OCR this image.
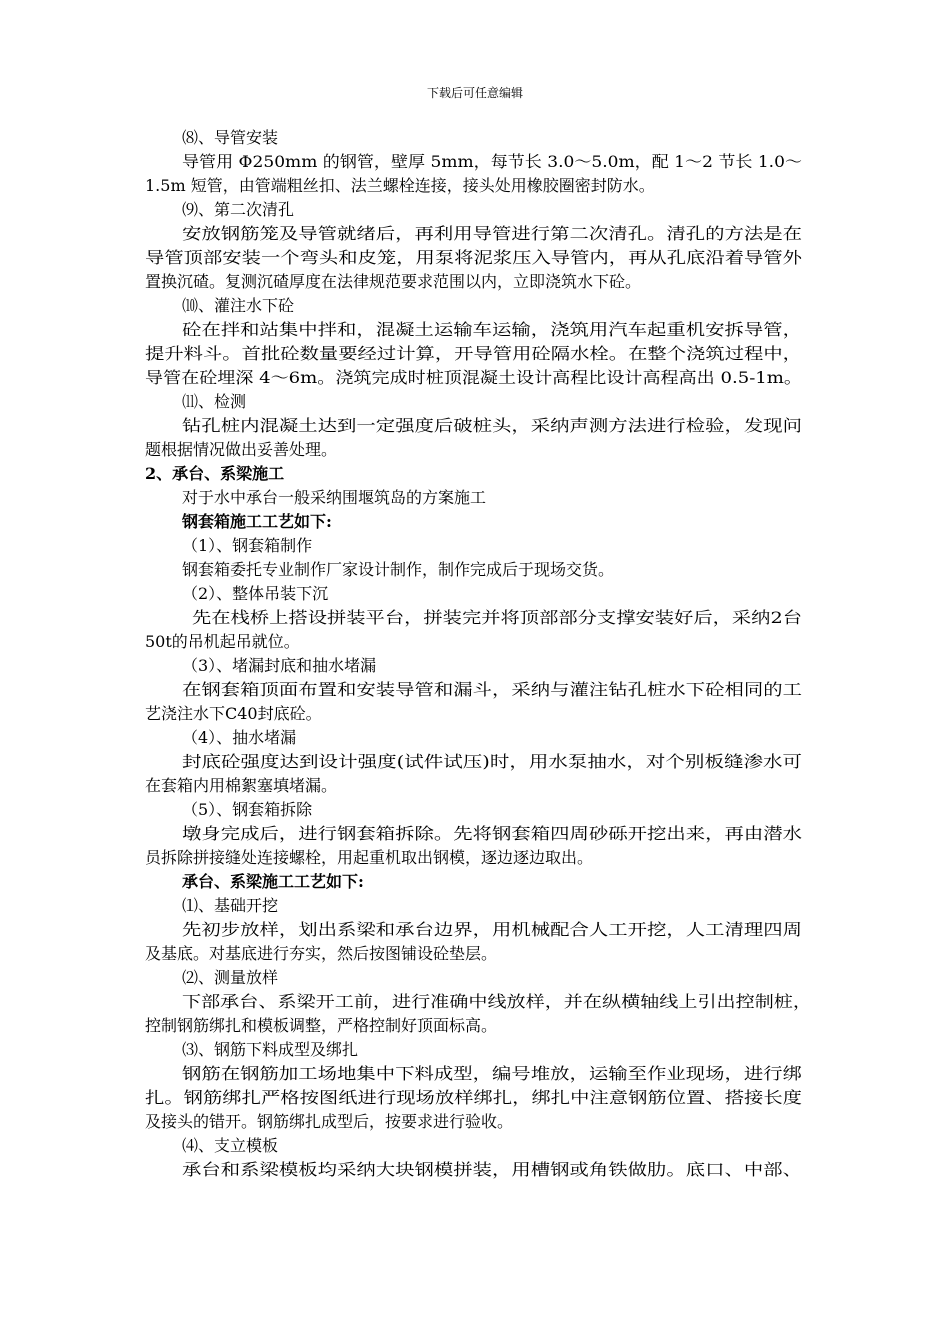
下载后可任意编辑
⑻、导管安装
导管用 Φ250mm 的钢管，壁厚 5mm，每节长 3.0～5.0m，配 1～2 节长 1.0～
1.5m 短管，由管端粗丝扣、法兰螺栓连接，接头处用橡胶圈密封防水。
⑼、第二次清孔
安放钢筋笼及导管就绪后，再利用导管进行第二次清孔。清孔的方法是在
导管顶部安装一个弯头和皮笼，用泵将泥浆压入导管内，再从孔底沿着导管外
置换沉碴。复测沉碴厚度在法律规范要求范围以内，立即浇筑水下砼。
⑽、灌注水下砼
砼在拌和站集中拌和，混凝土运输车运输，浇筑用汽车起重机安拆导管，
提升料斗。首批砼数量要经过计算，开导管用砼隔水栓。在整个浇筑过程中，
导管在砼埋深 4～6m。浇筑完成时桩顶混凝土设计高程比设计高程高出 0.5-1m。
⑾、检测
钻孔桩内混凝土达到一定强度后破桩头，采纳声测方法进行检验，发现问
题根据情况做出妥善处理。
2、承台、系梁施工
对于水中承台一般采纳围堰筑岛的方案施工
钢套箱施工工艺如下:
（1）、钢套箱制作
钢套箱委托专业制作厂家设计制作，制作完成后于现场交货。
（2）、整体吊装下沉
先在栈桥上搭设拼装平台，拼装完并将顶部部分支撑安装好后，采纳2台
50t的吊机起吊就位。
（3）、堵漏封底和抽水堵漏
在钢套箱顶面布置和安装导管和漏斗，采纳与灌注钻孔桩水下砼相同的工
艺浇注水下C40封底砼。
（4）、抽水堵漏
封底砼强度达到设计强度(试件试压)时，用水泵抽水，对个别板缝渗水可
在套箱内用棉絮塞填堵漏。
（5）、钢套箱拆除
墩身完成后，进行钢套箱拆除。先将钢套箱四周砂砾开挖出来，再由潜水
员拆除拼接缝处连接螺栓，用起重机取出钢模，逐边逐边取出。
承台、系梁施工工艺如下:
⑴、基础开挖
先初步放样，划出系梁和承台边界，用机械配合人工开挖，人工清理四周
及基底。对基底进行夯实，然后按图铺设砼垫层。
⑵、测量放样
下部承台、系梁开工前，进行准确中线放样，并在纵横轴线上引出控制桩，
控制钢筋绑扎和模板调整，严格控制好顶面标高。
⑶、钢筋下料成型及绑扎
钢筋在钢筋加工场地集中下料成型，编号堆放，运输至作业现场，进行绑
扎。钢筋绑扎严格按图纸进行现场放样绑扎，绑扎中注意钢筋位置、搭接长度
及接头的错开。钢筋绑扎成型后，按要求进行验收。
⑷、支立模板
承台和系梁模板均采纳大块钢模拼装，用槽钢或角铁做肋。底口、中部、
